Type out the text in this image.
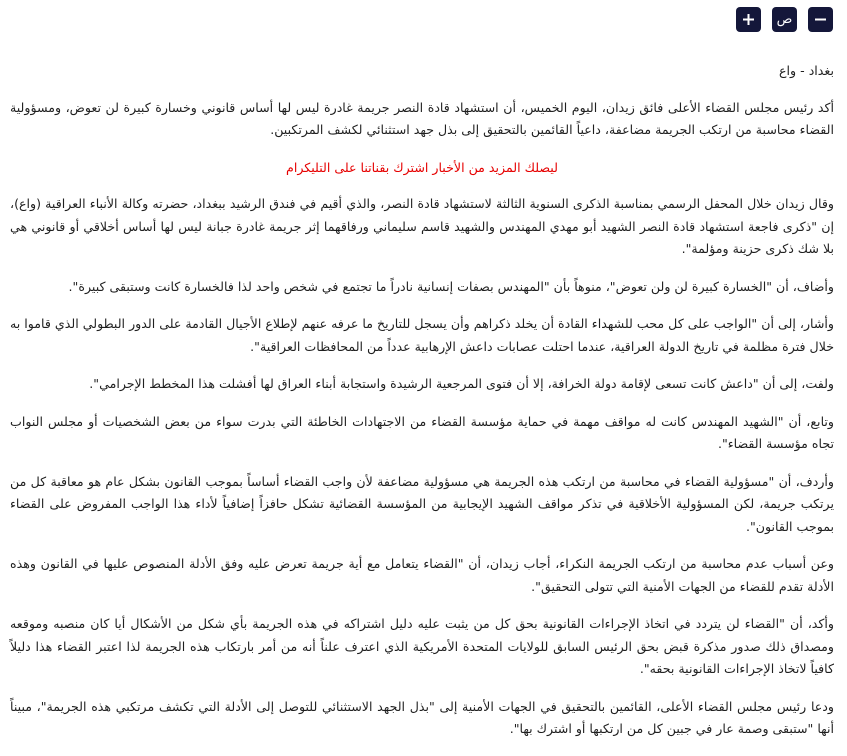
ص

بغداد - واع

أكد رئيس مجلس القضاء الأعلى فائق زيدان، اليوم الخميس، أن استشهاد قادة النصر جريمة غادرة ليس لها أساس قانوني وخسارة كبيرة لن تعوض، ومسؤولية القضاء محاسبة من ارتكب الجريمة مضاعفة، داعياً القائمين بالتحقيق إلى بذل جهد استثنائي لكشف المرتكبين.

ليصلك المزيد من الأخبار اشترك بقناتنا على التليكرام

وقال زيدان خلال المحفل الرسمي بمناسبة الذكرى السنوية الثالثة لاستشهاد قادة النصر، والذي أقيم في فندق الرشيد ببغداد، حضرته وكالة الأنباء العراقية (واع)، إن "ذكرى فاجعة استشهاد قادة النصر الشهيد أبو مهدي المهندس والشهيد قاسم سليماني ورفاقهما إثر جريمة غادرة جبانة ليس لها أساس أخلاقي أو قانوني هي بلا شك ذكرى حزينة ومؤلمة".

وأضاف، أن "الخسارة كبيرة لن ولن تعوض"، منوهاً بأن "المهندس بصفات إنسانية نادراً ما تجتمع في شخص واحد لذا فالخسارة كانت وستبقى كبيرة".

وأشار، إلى أن "الواجب على كل محب للشهداء القادة أن يخلد ذكراهم وأن يسجل للتاريخ ما عرفه عنهم لإطلاع الأجيال القادمة على الدور البطولي الذي قاموا به خلال فترة مظلمة في تاريخ الدولة العراقية، عندما احتلت عصابات داعش الإرهابية عدداً من المحافظات العراقية".

ولفت، إلى أن "داعش كانت تسعى لإقامة دولة الخرافة، إلا أن فتوى المرجعية الرشيدة واستجابة أبناء العراق لها أفشلت هذا المخطط الإجرامي".

وتابع، أن "الشهيد المهندس كانت له مواقف مهمة في حماية مؤسسة القضاء من الاجتهادات الخاطئة التي بدرت سواء من بعض الشخصيات أو مجلس النواب تجاه مؤسسة القضاء".

وأردف، أن "مسؤولية القضاء في محاسبة من ارتكب هذه الجريمة هي مسؤولية مضاعفة لأن واجب القضاء أساساً بموجب القانون بشكل عام هو معاقبة كل من يرتكب جريمة، لكن المسؤولية الأخلاقية في تذكر مواقف الشهيد الإيجابية من المؤسسة القضائية تشكل حافزاً إضافياً لأداء هذا الواجب المفروض على القضاء بموجب القانون".

وعن أسباب عدم محاسبة من ارتكب الجريمة النكراء، أجاب زيدان، أن "القضاء يتعامل مع أية جريمة تعرض عليه وفق الأدلة المنصوص عليها في القانون وهذه الأدلة تقدم للقضاء من الجهات الأمنية التي تتولى التحقيق".

وأكد، أن "القضاء لن يتردد في اتخاذ الإجراءات القانونية بحق كل من يثبت عليه دليل اشتراكه في هذه الجريمة بأي شكل من الأشكال أيا كان منصبه وموقعه ومصداق ذلك صدور مذكرة قبض بحق الرئيس السابق للولايات المتحدة الأمريكية الذي اعترف علناً أنه من أمر بارتكاب هذه الجريمة لذا اعتبر القضاء هذا دليلاً كافياً لاتخاذ الإجراءات القانونية بحقه".

ودعا رئيس مجلس القضاء الأعلى، القائمين بالتحقيق في الجهات الأمنية إلى "بذل الجهد الاستثنائي للتوصل إلى الأدلة التي تكشف مرتكبي هذه الجريمة"، مبيناً أنها "ستبقى وصمة عار في جبين كل من ارتكبها أو اشترك بها".
